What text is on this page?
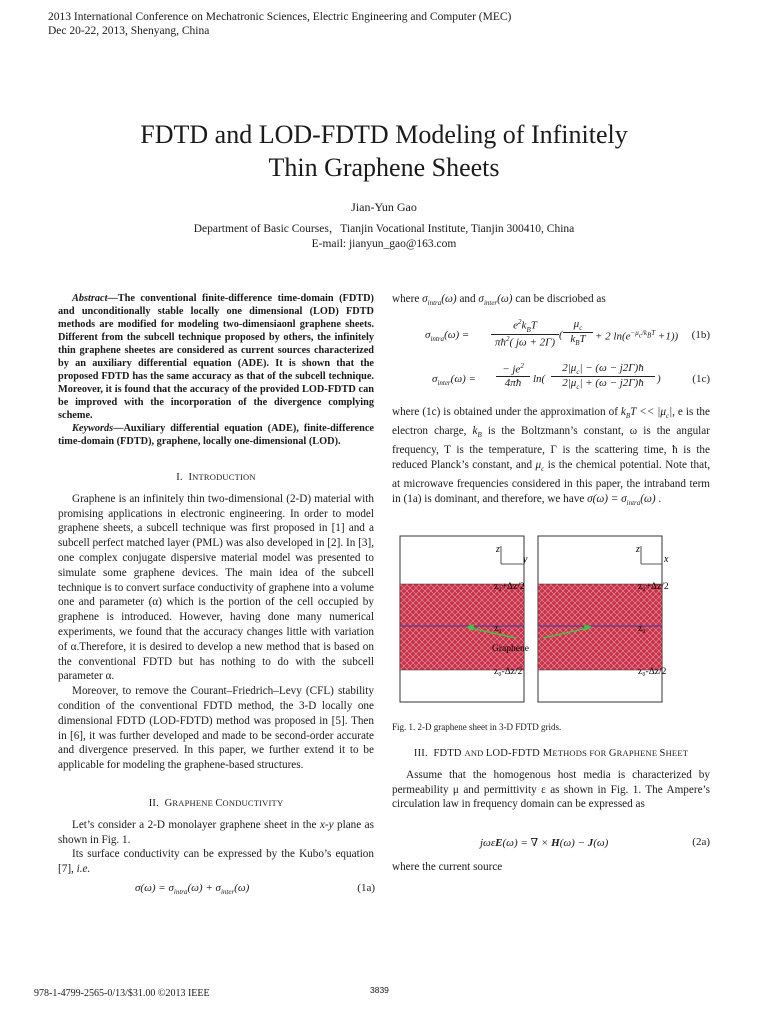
2013 International Conference on Mechatronic Sciences, Electric Engineering and Computer (MEC)
Dec 20-22, 2013, Shenyang, China
FDTD and LOD-FDTD Modeling of Infinitely
Thin Graphene Sheets
Jian-Yun Gao
Department of Basic Courses，Tianjin Vocational Institute, Tianjin 300410, China
E-mail: jianyun_gao@163.com

Abstract—The conventional finite-difference time-domain (FDTD) and unconditionally stable locally one dimensional (LOD) FDTD methods are modified for modeling two-dimensiaonl graphene sheets. Different from the subcell technique proposed by others, the infinitely thin graphene sheetes are considered as current sources characterized by an auxiliary differential equation (ADE). It is shown that the proposed FDTD has the same accuracy as that of the subcell technique. Moreover, it is found that the accuracy of the provided LOD-FDTD can be improved with the incorporation of the divergence complying scheme.

Keywords—Auxiliary differential equation (ADE), finite-difference time-domain (FDTD), graphene, locally one-dimensional (LOD).

I. INTRODUCTION

Graphene is an infinitely thin two-dimensional (2-D) material with promising applications in electronic engineering. In order to model graphene sheets, a subcell technique was first proposed in [1] and a subcell perfect matched layer (PML) was also developed in [2]. In [3], one complex conjugate dispersive material model was presented to simulate some graphene devices. The main idea of the subcell technique is to convert surface conductivity of graphene into a volume one and parameter (α) which is the portion of the cell occupied by graphene is introduced. However, having done many numerical experiments, we found that the accuracy changes little with variation of α.Therefore, it is desired to develop a new method that is based on the conventional FDTD but has nothing to do with the subcell parameter α.

Moreover, to remove the Courant–Friedrich–Levy (CFL) stability condition of the conventional FDTD method, the 3-D locally one dimensional FDTD (LOD-FDTD) method was proposed in [5]. Then in [6], it was further developed and made to be second-order accurate and divergence preserved. In this paper, we further extend it to be applicable for modeling the graphene-based structures.

II. GRAPHENE CONDUCTIVITY

Let’s consider a 2-D monolayer graphene sheet in the x-y plane as shown in Fig. 1.

Its surface conductivity can be expressed by the Kubo’s equation [7], i.e.

$\sigma(\omega) = \sigma_{intra}(\omega) + \sigma_{inter}(\omega)$	(1a)

where $\sigma_{intra}(\omega)$ and $\sigma_{inter}(\omega)$ can be discriobed as

$\sigma_{intra}(\omega)$ =
$e^2k_BT$
$\pi ħ^2$( jω + 2Γ)
$\mu_c$
$k_BT$
(	+ 2 $\ln(e^{-\mu_c/k_BT} +1)$) (1b)
$\sigma_{inter}(\omega)$ =
− $je^2$
4πħ	ln(
$2|\mu_c| - (\omega$ − j2Γ)ħ
$2|\mu_c| + (\omega$ − j2Γ)ħ	)	(1c)

where (1c) is obtained under the approximation of $k_BT << |\mu_c|$, e is the electron charge, $k_B$ is the Boltzmann’s constant, ω is the angular frequency, T is the temperature, Γ is the scattering time, ħ is the reduced Planck’s constant, and $\mu_c$ is the chemical potential. Note that, at microwave frequencies considered in this paper, the intraband term in (1a) is dominant, and therefore, we have $\sigma(\omega) = \sigma_{intra}(\omega)$ .

z
y
z
x
z₀+Δz/2
z₀
z₀-Δz/2
Graphene
z₀+Δz/2
z₀
z₀-Δz/2
Fig. 1. 2-D graphene sheet in 3-D FDTD grids.
III. FDTD AND LOD-FDTD METHODS FOR GRAPHENE SHEET

Assume that the homogenous host media is characterized by permeability μ and permittivity ε as shown in Fig. 1. The Ampere’s circulation law in frequency domain can be expressed as

jωεE(ω) = ∇ × H(ω) − J(ω)	(2a)

where the current source

978-1-4799-2565-0/13/$31.00 ©2013 IEEE	3839
